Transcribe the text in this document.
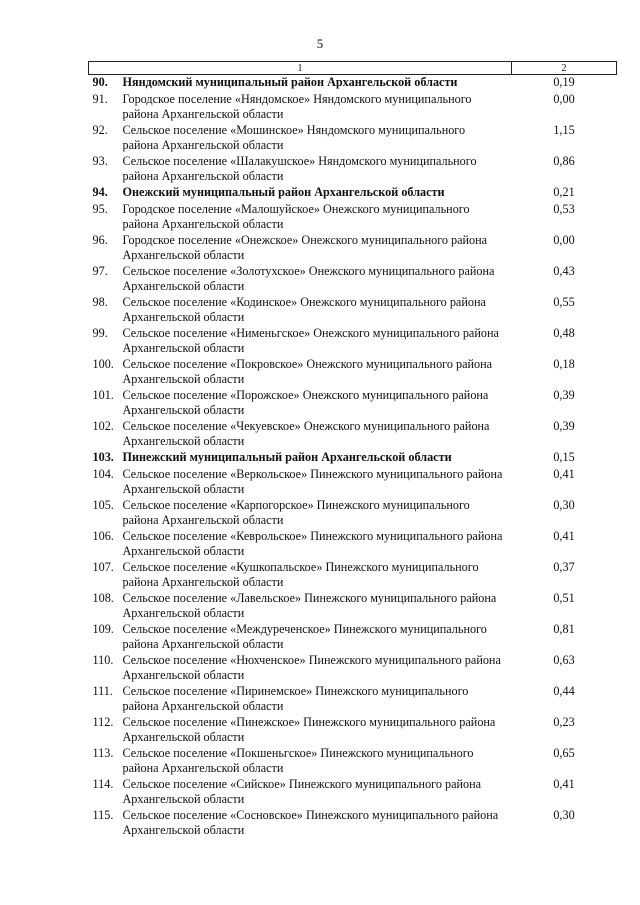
5
1	2

90. Няндомский муниципальный район Архангельской области	0,19

91. Городское поселение «Няндомское» Няндомского муниципального района Архангельской области	0,00

92. Сельское поселение «Мошинское» Няндомского муниципального района Архангельской области	1,15

93. Сельское поселение «Шалакушское» Няндомского муниципального района Архангельской области	0,86

94. Онежский муниципальный район Архангельской области	0,21

95. Городское поселение «Малошуйское» Онежского муниципального района Архангельской области	0,53

96. Городское поселение «Онежское» Онежского муниципального района Архангельской области	0,00

97. Сельское поселение «Золотухское» Онежского муниципального района Архангельской области	0,43

98. Сельское поселение «Кодинское» Онежского муниципального района Архангельской области	0,55

99. Сельское поселение «Нименьгское» Онежского муниципального района Архангельской области	0,48

100. Сельское поселение «Покровское» Онежского муниципального района Архангельской области	0,18

101. Сельское поселение «Порожское» Онежского муниципального района Архангельской области	0,39

102. Сельское поселение «Чекуевское» Онежского муниципального района Архангельской области	0,39

103. Пинежский муниципальный район Архангельской области	0,15

104. Сельское поселение «Веркольское» Пинежского муниципального района Архангельской области	0,41

105. Сельское поселение «Карпогорское» Пинежского муниципального района Архангельской области	0,30

106. Сельское поселение «Кеврольское» Пинежского муниципального района Архангельской области	0,41

107. Сельское поселение «Кушкопальское» Пинежского муниципального района Архангельской области	0,37

108. Сельское поселение «Лавельское» Пинежского муниципального района Архангельской области	0,51

109. Сельское поселение «Междуреченское» Пинежского муниципального района Архангельской области	0,81

110. Сельское поселение «Нюхченское» Пинежского муниципального района Архангельской области	0,63

111. Сельское поселение «Пиринемское» Пинежского муниципального района Архангельской области	0,44

112. Сельское поселение «Пинежское» Пинежского муниципального района Архангельской области	0,23

113. Сельское поселение «Покшеньгское» Пинежского муниципального района Архангельской области	0,65

114. Сельское поселение «Сийское» Пинежского муниципального района Архангельской области	0,41

115. Сельское поселение «Сосновское» Пинежского муниципального района Архангельской области	0,30
